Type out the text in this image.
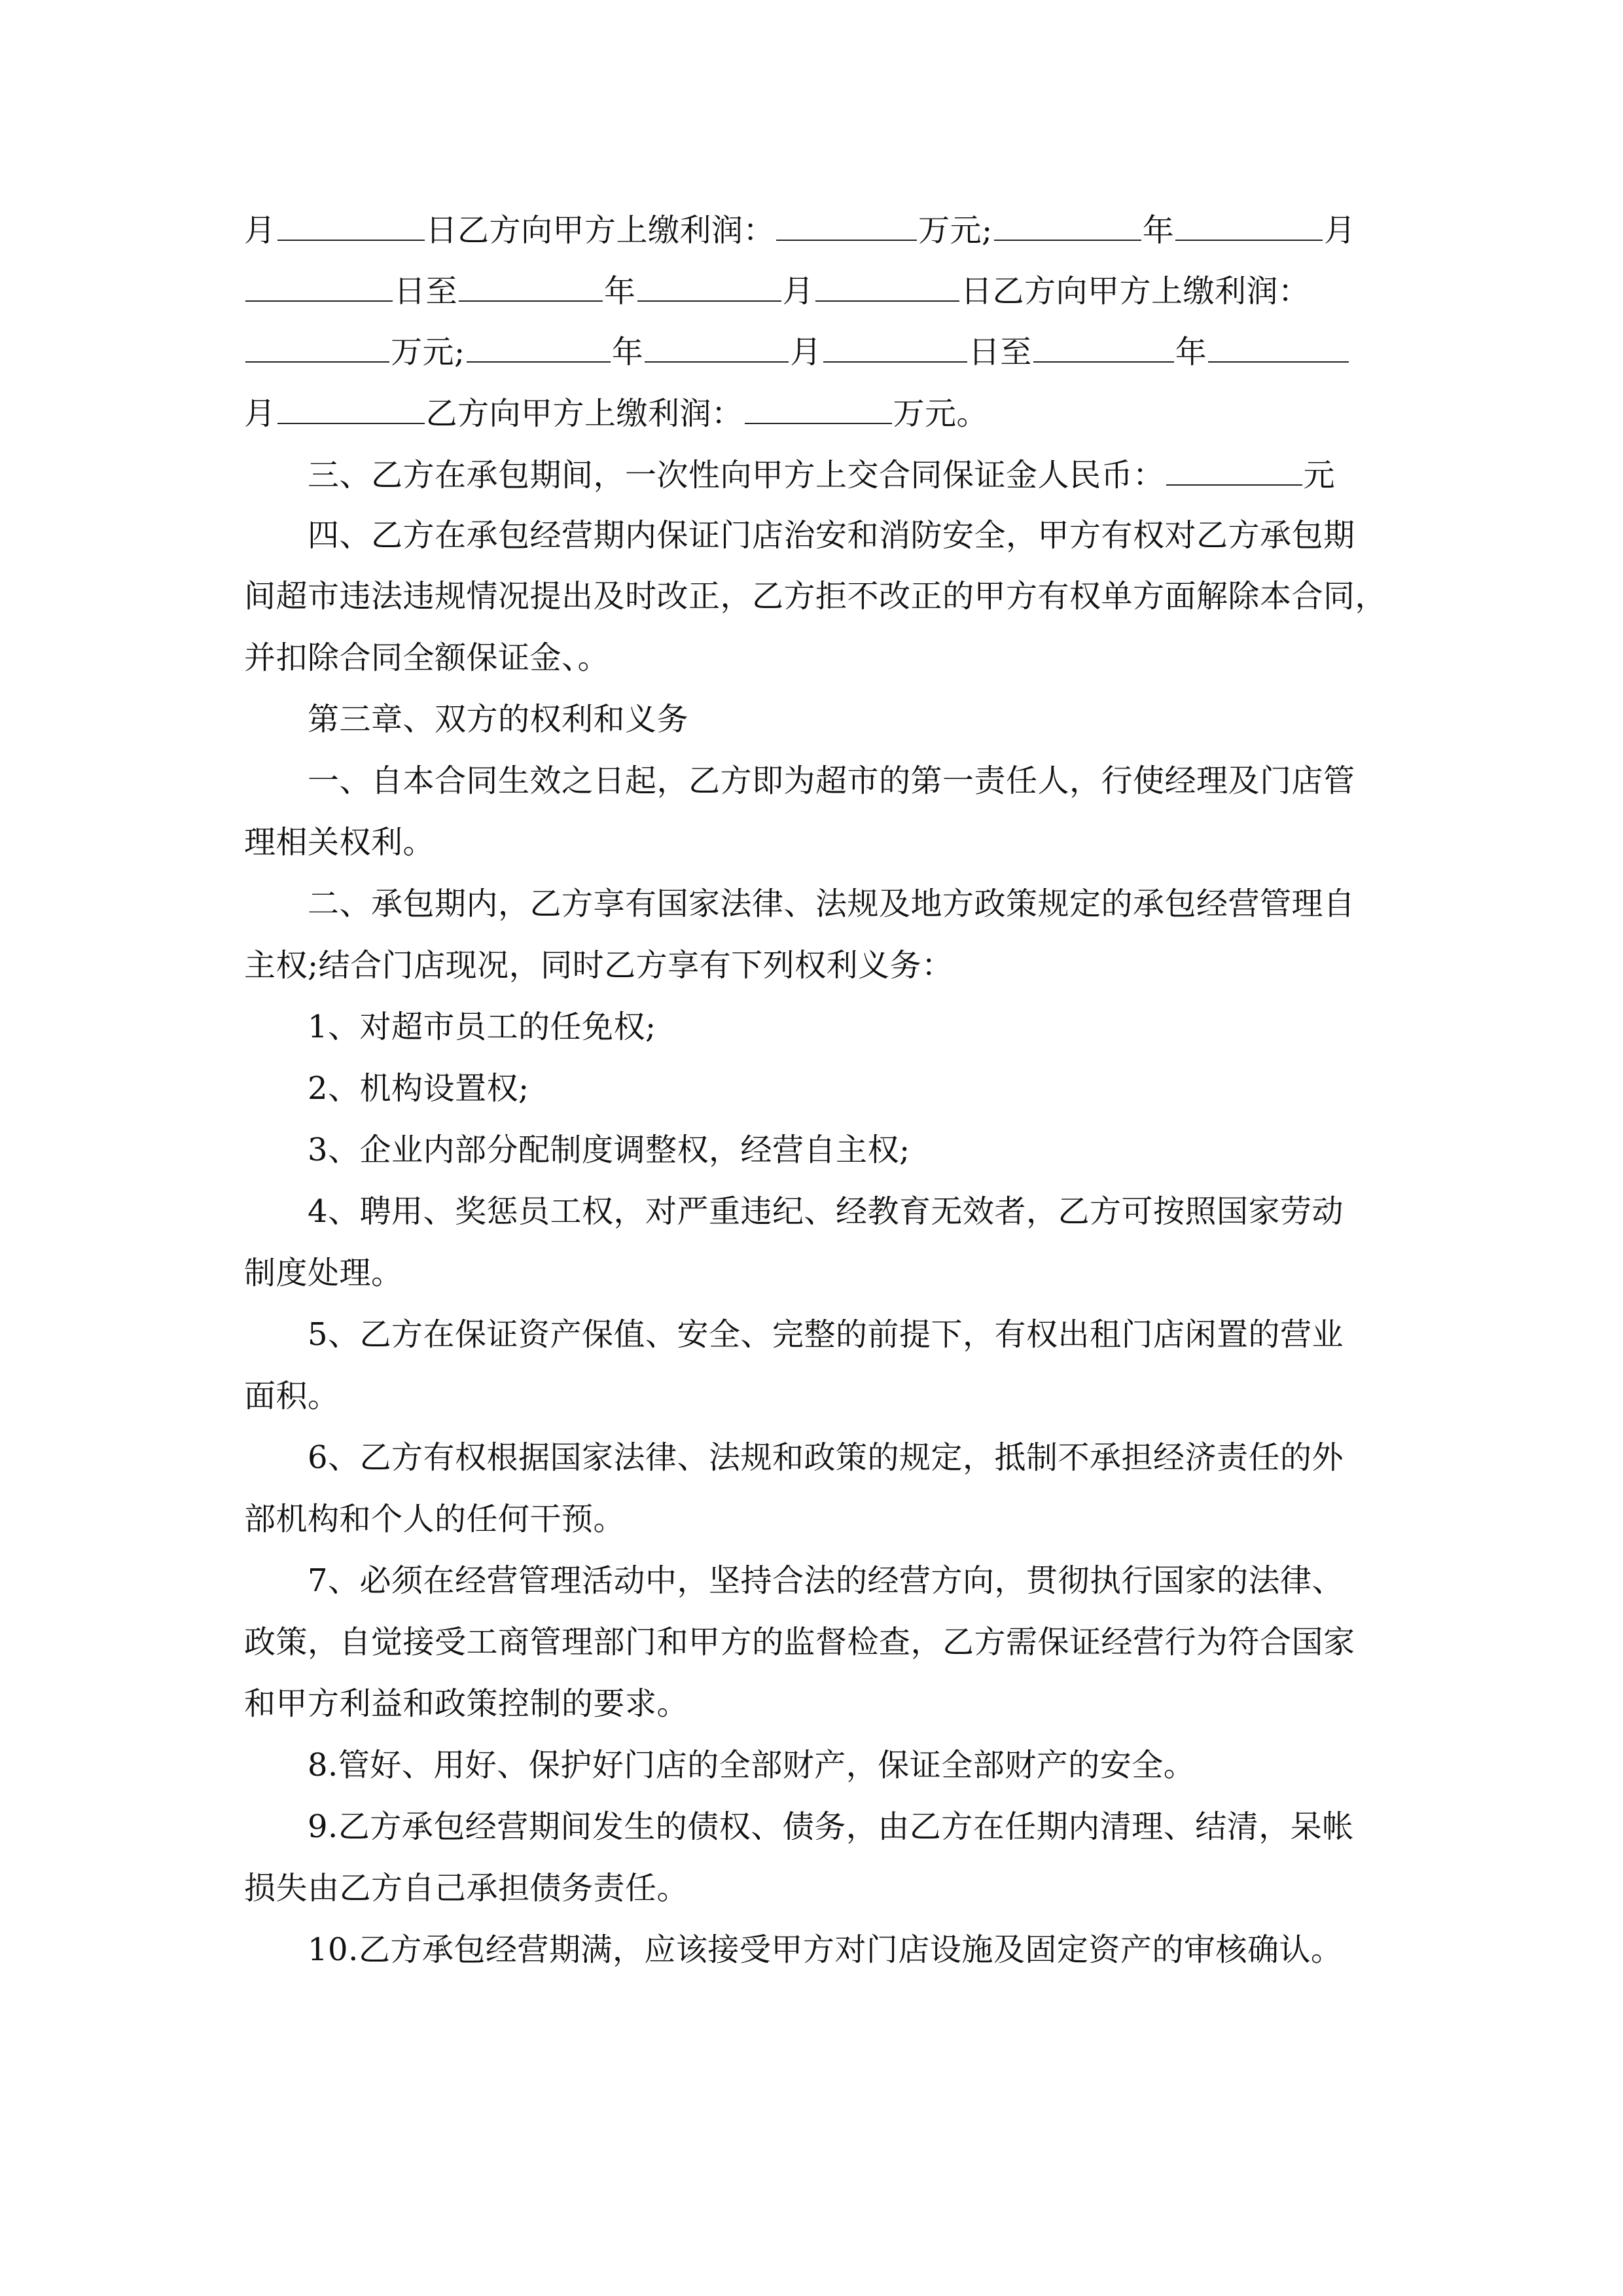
月	日乙方向甲方上缴利润：	万元;	年	月
日至	年	月	日乙方向甲方上缴利润：
万元;	年	月	日至	年
月	乙方向甲方上缴利润：	万元。
三、乙方在承包期间，一次性向甲方上交合同保证金人民币：	元
四、乙方在承包经营期内保证门店治安和消防安全，甲方有权对乙方承包期
间超市违法违规情况提出及时改正，乙方拒不改正的甲方有权单方面解除本合同，
并扣除合同全额保证金、。
第三章、双方的权利和义务
一、自本合同生效之日起，乙方即为超市的第一责任人，行使经理及门店管
理相关权利。
二、承包期内，乙方享有国家法律、法规及地方政策规定的承包经营管理自
主权;结合门店现况，同时乙方享有下列权利义务：
1、对超市员工的任免权;
2、机构设置权;
3、企业内部分配制度调整权，经营自主权;
4、聘用、奖惩员工权，对严重违纪、经教育无效者，乙方可按照国家劳动
制度处理。
5、乙方在保证资产保值、安全、完整的前提下，有权出租门店闲置的营业
面积。
6、乙方有权根据国家法律、法规和政策的规定，抵制不承担经济责任的外
部机构和个人的任何干预。
7、必须在经营管理活动中，坚持合法的经营方向，贯彻执行国家的法律、
政策，自觉接受工商管理部门和甲方的监督检查，乙方需保证经营行为符合国家
和甲方利益和政策控制的要求。
8.管好、用好、保护好门店的全部财产，保证全部财产的安全。
9.乙方承包经营期间发生的债权、债务，由乙方在任期内清理、结清，呆帐
损失由乙方自己承担债务责任。
10.乙方承包经营期满，应该接受甲方对门店设施及固定资产的审核确认。
